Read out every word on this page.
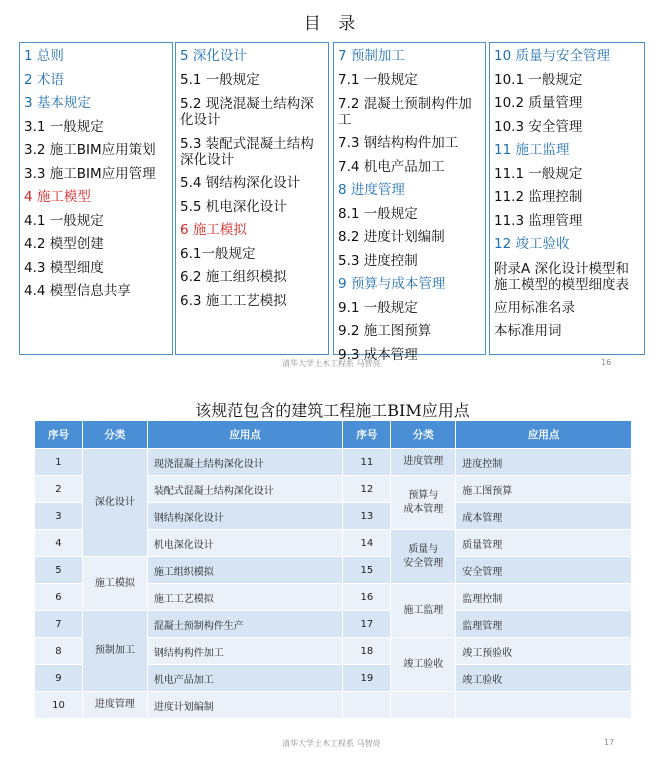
目 录
1 总则
2 术语
3 基本规定
3.1 一般规定
3.2 施工BIM应用策划
3.3 施工BIM应用管理
4 施工模型
4.1 一般规定
4.2 模型创建
4.3 模型细度
4.4 模型信息共享
5 深化设计
5.1 一般规定
5.2 现浇混凝土结构深化设计
5.3 装配式混凝土结构深化设计
5.4 钢结构深化设计
5.5 机电深化设计
6 施工模拟
6.1一般规定
6.2 施工组织模拟
6.3 施工工艺模拟
7 预制加工
7.1 一般规定
7.2 混凝土预制构件加工
7.3 钢结构构件加工
7.4 机电产品加工
8 进度管理
8.1 一般规定
8.2 进度计划编制
5.3 进度控制
9 预算与成本管理
9.1 一般规定
9.2 施工图预算
9.3 成本管理
10 质量与安全管理
10.1 一般规定
10.2 质量管理
10.3 安全管理
11 施工监理
11.1 一般规定
11.2 监理控制
11.3 监理管理
12 竣工验收
附录A 深化设计模型和施工模型的模型细度表
应用标准名录
本标准用词
清华大学土木工程系 马智亮	16
该规范包含的建筑工程施工BIM应用点
序号	分类	应用点	序号	分类	应用点
1	深化设计	现浇混凝土结构深化设计	11	进度管理	进度控制
2		装配式混凝土结构深化设计	12	预算与
成本管理	施工图预算
3		钢结构深化设计	13		成本管理
4		机电深化设计	14	质量与
安全管理	质量管理
5	施工模拟	施工组织模拟	15		安全管理
6		施工工艺模拟	16	施工监理	监理控制
7	预制加工	混凝土预制构件生产	17		监理管理
8		钢结构构件加工	18	竣工验收	竣工预验收
9		机电产品加工	19		竣工验收
10	进度管理	进度计划编制			
清华大学土木工程系 马智亮	17
